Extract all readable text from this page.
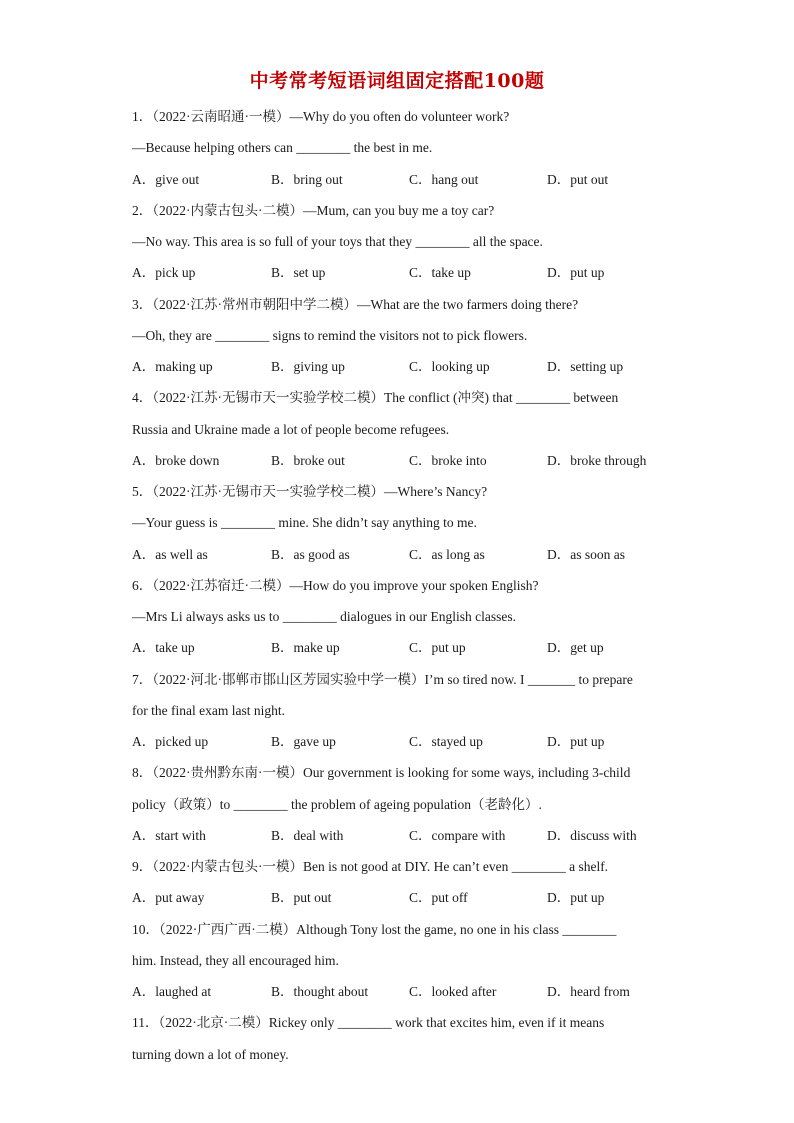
中考常考短语词组固定搭配100题
1．（2022·云南昭通·一模）—Why do you often do volunteer work?
—Because helping others can ________ the best in me.
A．give out	B．bring out	C．hang out	D．put out
2．（2022·内蒙古包头·二模）—Mum, can you buy me a toy car?
—No way. This area is so full of your toys that they ________ all the space.
A．pick up	B．set up	C．take up	D．put up
3．（2022·江苏·常州市朝阳中学二模）—What are the two farmers doing there?
—Oh, they are ________ signs to remind the visitors not to pick flowers.
A．making up	B．giving up	C．looking up	D．setting up
4．（2022·江苏·无锡市天一实验学校二模）The conflict (冲突) that ________ between
Russia and Ukraine made a lot of people become refugees.
A．broke down	B．broke out	C．broke into	D．broke through
5．（2022·江苏·无锡市天一实验学校二模）—Where’s Nancy?
—Your guess is ________ mine. She didn’t say anything to me.
A．as well as	B．as good as	C．as long as	D．as soon as
6．（2022·江苏宿迁·二模）—How do you improve your spoken English?
—Mrs Li always asks us to ________ dialogues in our English classes.
A．take up	B．make up	C．put up	D．get up
7．（2022·河北·邯郸市邯山区芳园实验中学一模）I’m so tired now. I _______ to prepare
for the final exam last night.
A．picked up	B．gave up	C．stayed up	D．put up
8．（2022·贵州黔东南·一模）Our government is looking for some ways, including 3-child
policy（政策）to ________ the problem of ageing population（老龄化）.
A．start with	B．deal with	C．compare with	D．discuss with
9．（2022·内蒙古包头·一模）Ben is not good at DIY. He can’t even ________ a shelf.
A．put away	B．put out	C．put off	D．put up
10．（2022·广西广西·二模）Although Tony lost the game, no one in his class ________
him. Instead, they all encouraged him.
A．laughed at	B．thought about	C．looked after	D．heard from
11．（2022·北京·二模）Rickey only ________ work that excites him, even if it means
turning down a lot of money.
